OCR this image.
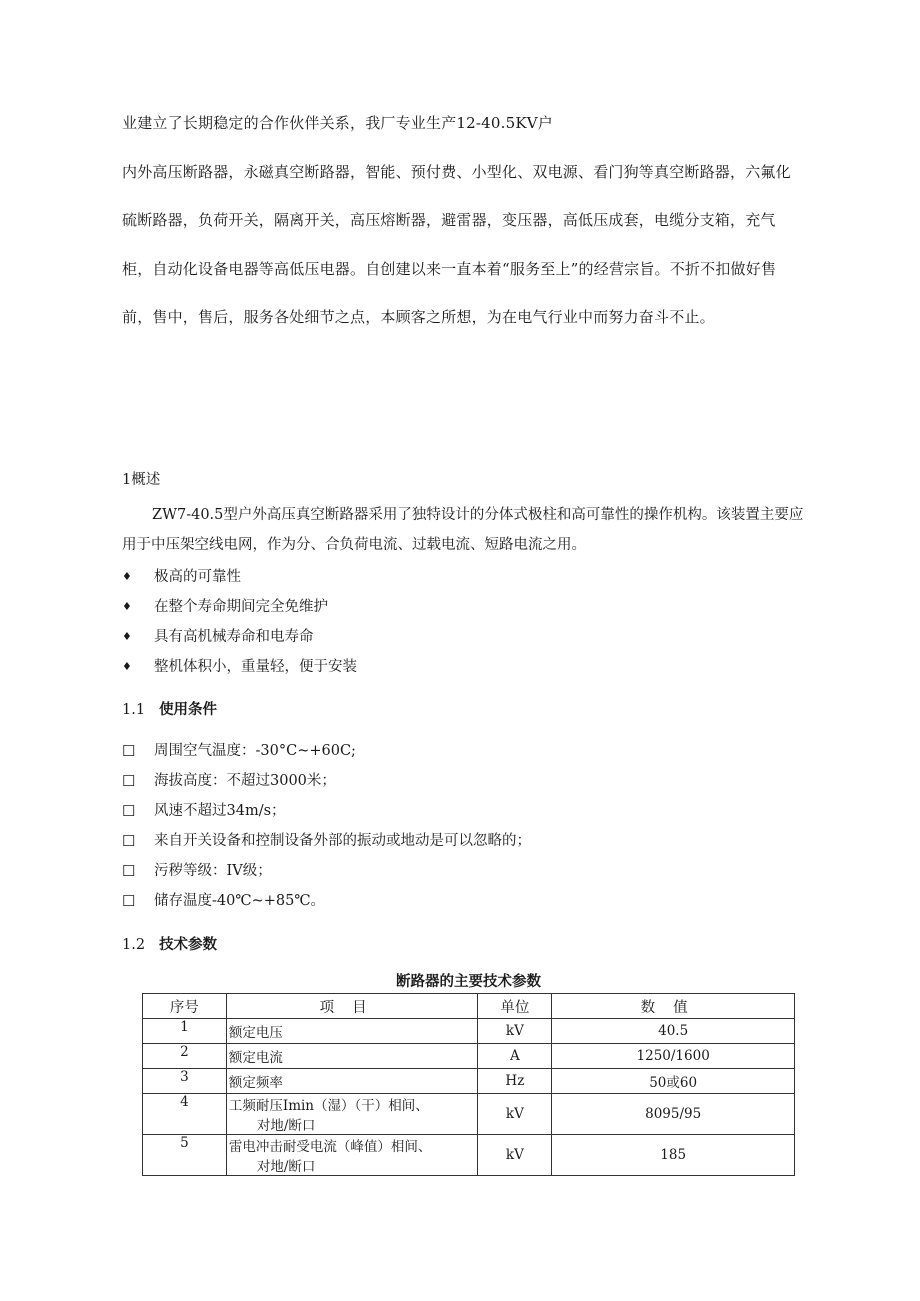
业建立了长期稳定的合作伙伴关系，我厂专业生产12-40.5KV户
内外高压断路器，永磁真空断路器，智能、预付费、小型化、双电源、看门狗等真空断路器，六氟化
硫断路器，负荷开关，隔离开关，高压熔断器，避雷器，变压器，高低压成套，电缆分支箱，充气
柜，自动化设备电器等高低压电器。自创建以来一直本着“服务至上”的经营宗旨。不折不扣做好售
前，售中，售后，服务各处细节之点，本顾客之所想，为在电气行业中而努力奋斗不止。
1概述
ZW7-40.5型户外高压真空断路器采用了独特设计的分体式极柱和高可靠性的操作机构。该装置主要应用于中压架空线电网，作为分、合负荷电流、过载电流、短路电流之用。
♦	极高的可靠性
♦	在整个寿命期间完全免维护
♦	具有高机械寿命和电寿命
♦	整机体积小，重量轻，便于安装
1.1 使用条件
☐	周围空气温度：-30°C~+60C;
☐	海拔高度：不超过3000米；
☐	风速不超过34m/s；
☐	来自开关设备和控制设备外部的振动或地动是可以忽略的；
☐	污秽等级：IV级；
☐	储存温度-40℃~+85℃。
1.2 技术参数
断路器的主要技术参数
序号	项目	单位	数值
1	额定电压	kV	40.5
2	额定电流	A	1250/1600
3	额定频率	Hz	50或60
4	工频耐压Imin（湿）（干）相间、
对地/断口	kV	8095/95
5	雷电冲击耐受电流（峰值）相间、
对地/断口	kV	185
